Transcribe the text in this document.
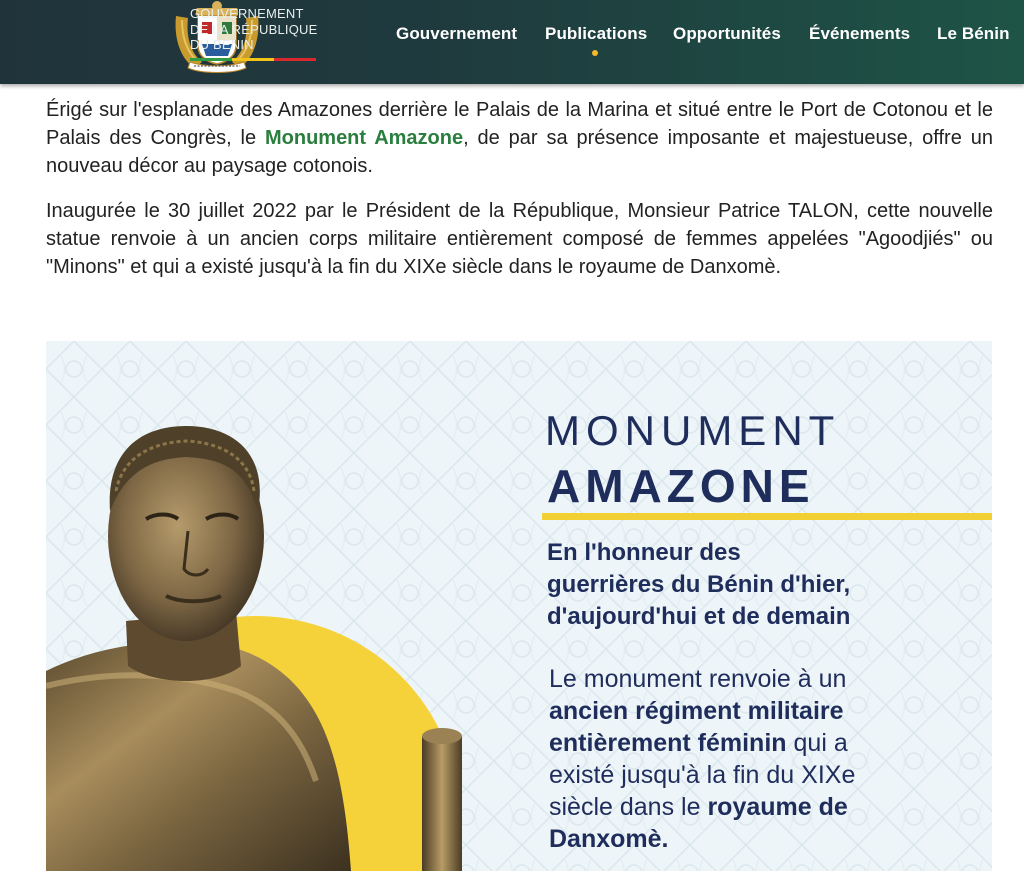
GOUVERNEMENT
DE LA RÉPUBLIQUE
DU BÉNIN
Gouvernement Publications Opportunités Événements Le Bénin

Érigé sur l'esplanade des Amazones derrière le Palais de la Marina et situé entre le Port de Cotonou et le Palais des Congrès, le Monument Amazone, de par sa présence imposante et majestueuse, offre un nouveau décor au paysage cotonois.

Inaugurée le 30 juillet 2022 par le Président de la République, Monsieur Patrice TALON, cette nouvelle statue renvoie à un ancien corps militaire entièrement composé de femmes appelées "Agoodjiés" ou "Minons" et qui a existé jusqu'à la fin du XIXe siècle dans le royaume de Danxomè.

MONUMENT
AMAZONE
En l'honneur des
guerrières du Bénin d'hier,
d'aujourd'hui et de demain
Le monument renvoie à un
ancien régiment militaire
entièrement féminin qui a
existé jusqu'à la fin du XIXe
siècle dans le royaume de
Danxomè.
